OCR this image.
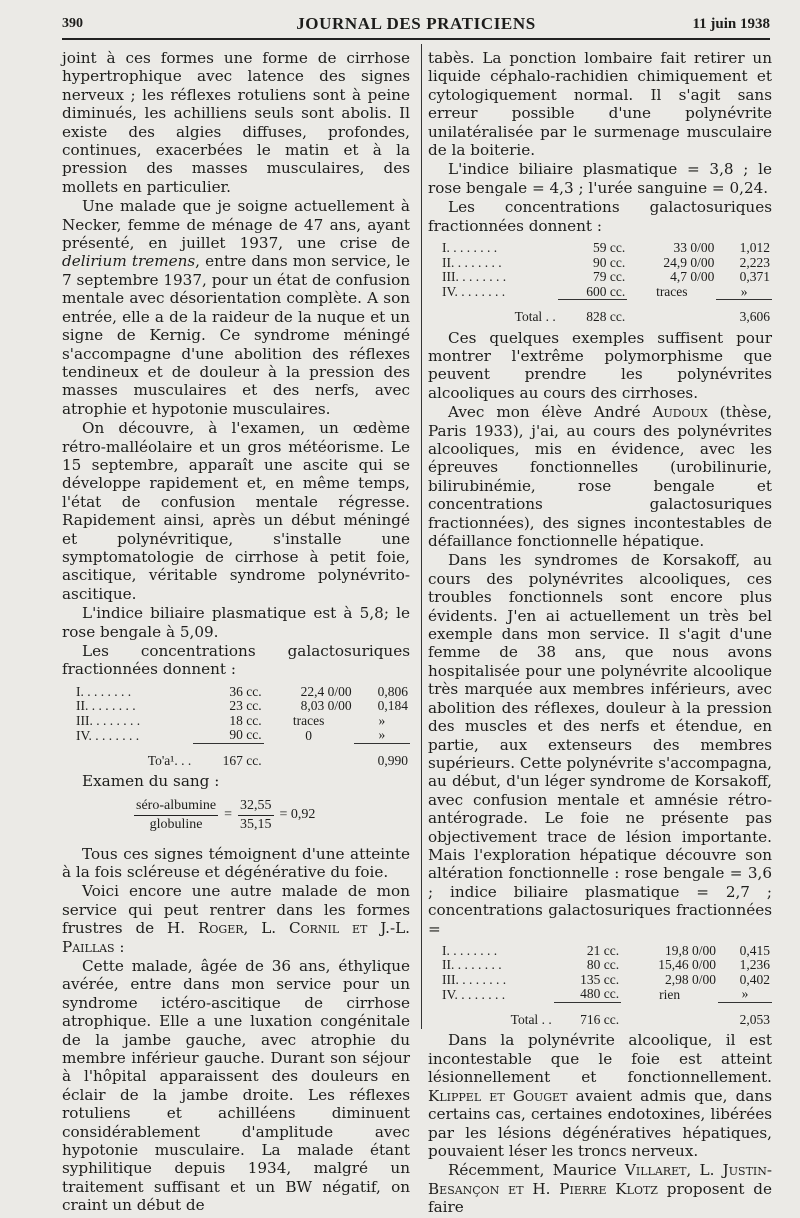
390	JOURNAL DES PRATICIENS	11 juin 1938

joint à ces formes une forme de cirrhose hypertrophique avec latence des signes nerveux ; les réflexes rotuliens sont à peine diminués, les achilliens seuls sont abolis. Il existe des algies diffuses, profondes, continues, exacerbées le matin et à la pression des masses musculaires, des mollets en particulier.

Une malade que je soigne actuellement à Necker, femme de ménage de 47 ans, ayant présenté, en juillet 1937, une crise de delirium tremens, entre dans mon service, le 7 septembre 1937, pour un état de confusion mentale avec désorientation complète. A son entrée, elle a de la raideur de la nuque et un signe de Kernig. Ce syndrome méningé s'accompagne d'une abolition des réflexes tendineux et de douleur à la pression des masses musculaires et des nerfs, avec atrophie et hypotonie musculaires.

On découvre, à l'examen, un œdème rétro-malléolaire et un gros météorisme. Le 15 septembre, apparaît une ascite qui se développe rapidement et, en même temps, l'état de confusion mentale régresse. Rapidement ainsi, après un début méningé et polynévritique, s'installe une symptomatologie de cirrhose à petit foie, ascitique, véritable syndrome polynévrito-ascitique.

L'indice biliaire plasmatique est à 5,8; le rose bengale à 5,09.

Les concentrations galactosuriques fractionnées donnent :

I. . . . . . . .	36 cc.	22,4 0/00	0,806
II. . . . . . . .	23 cc.	8,03 0/00	0,184
III. . . . . . . .	18 cc.	traces	»
IV. . . . . . . .	90 cc.	0	»
To'a¹. . .	167 cc.		0,990

Examen du sang :

séro-albumine
globuline
= $\frac{32,55}{35,15} = 0,92$

Tous ces signes témoignent d'une atteinte à la fois scléreuse et dégénérative du foie.

Voici encore une autre malade de mon service qui peut rentrer dans les formes frustres de H. Roger, L. Cornil et J.-L. Paillas :

Cette malade, âgée de 36 ans, éthylique avérée, entre dans mon service pour un syndrome ictéro-ascitique de cirrhose atrophique. Elle a une luxation congénitale de la jambe gauche, avec atrophie du membre inférieur gauche. Durant son séjour à l'hôpital apparaissent des douleurs en éclair de la jambe droite. Les réflexes rotuliens et achilléens diminuent considérablement d'amplitude avec hypotonie musculaire. La malade étant syphilitique depuis 1934, malgré un traitement suffisant et un BW négatif, on craint un début de

tabès. La ponction lombaire fait retirer un liquide céphalo-rachidien chimiquement et cytologiquement normal. Il s'agit sans erreur possible d'une polynévrite unilatéralisée par le surmenage musculaire de la boiterie.

L'indice biliaire plasmatique = 3,8 ; le rose bengale = 4,3 ; l'urée sanguine = 0,24.

Les concentrations galactosuriques fractionnées donnent :

I. . . . . . . .	59 cc.	33 0/00	1,012
II. . . . . . . .	90 cc.	24,9 0/00	2,223
III. . . . . . . .	79 cc.	4,7 0/00	0,371
IV. . . . . . . .	600 cc.	traces	»
Total . .	828 cc.		3,606

Ces quelques exemples suffisent pour montrer l'extrême polymorphisme que peuvent prendre les polynévrites alcooliques au cours des cirrhoses.

Avec mon élève André Audoux (thèse, Paris 1933), j'ai, au cours des polynévrites alcooliques, mis en évidence, avec les épreuves fonctionnelles (urobilinurie, bilirubinémie, rose bengale et concentrations galactosuriques fractionnées), des signes incontestables de défaillance fonctionnelle hépatique.

Dans les syndromes de Korsakoff, au cours des polynévrites alcooliques, ces troubles fonctionnels sont encore plus évidents. J'en ai actuellement un très bel exemple dans mon service. Il s'agit d'une femme de 38 ans, que nous avons hospitalisée pour une polynévrite alcoolique très marquée aux membres inférieurs, avec abolition des réflexes, douleur à la pression des muscles et des nerfs et étendue, en partie, aux extenseurs des membres supérieurs. Cette polynévrite s'accompagna, au début, d'un léger syndrome de Korsakoff, avec confusion mentale et amnésie rétro-antérograde. Le foie ne présente pas objectivement trace de lésion importante. Mais l'exploration hépatique découvre son altération fonctionnelle : rose bengale = 3,6 ; indice biliaire plasmatique = 2,7 ; concentrations galactosuriques fractionnées =

I. . . . . . . .	21 cc.	19,8 0/00	0,415
II. . . . . . . .	80 cc.	15,46 0/00	1,236
III. . . . . . . .	135 cc.	2,98 0/00	0,402
IV. . . . . . . .	480 cc.	rien	»
Total . .	716 cc.		2,053

Dans la polynévrite alcoolique, il est incontestable que le foie est atteint lésionnellement et fonctionnellement. Klippel et Gouget avaient admis que, dans certains cas, certaines endotoxines, libérées par les lésions dégénératives hépatiques, pouvaient léser les troncs nerveux.

Récemment, Maurice Villaret, L. Justin-Besançon et H. Pierre Klotz proposent de faire
